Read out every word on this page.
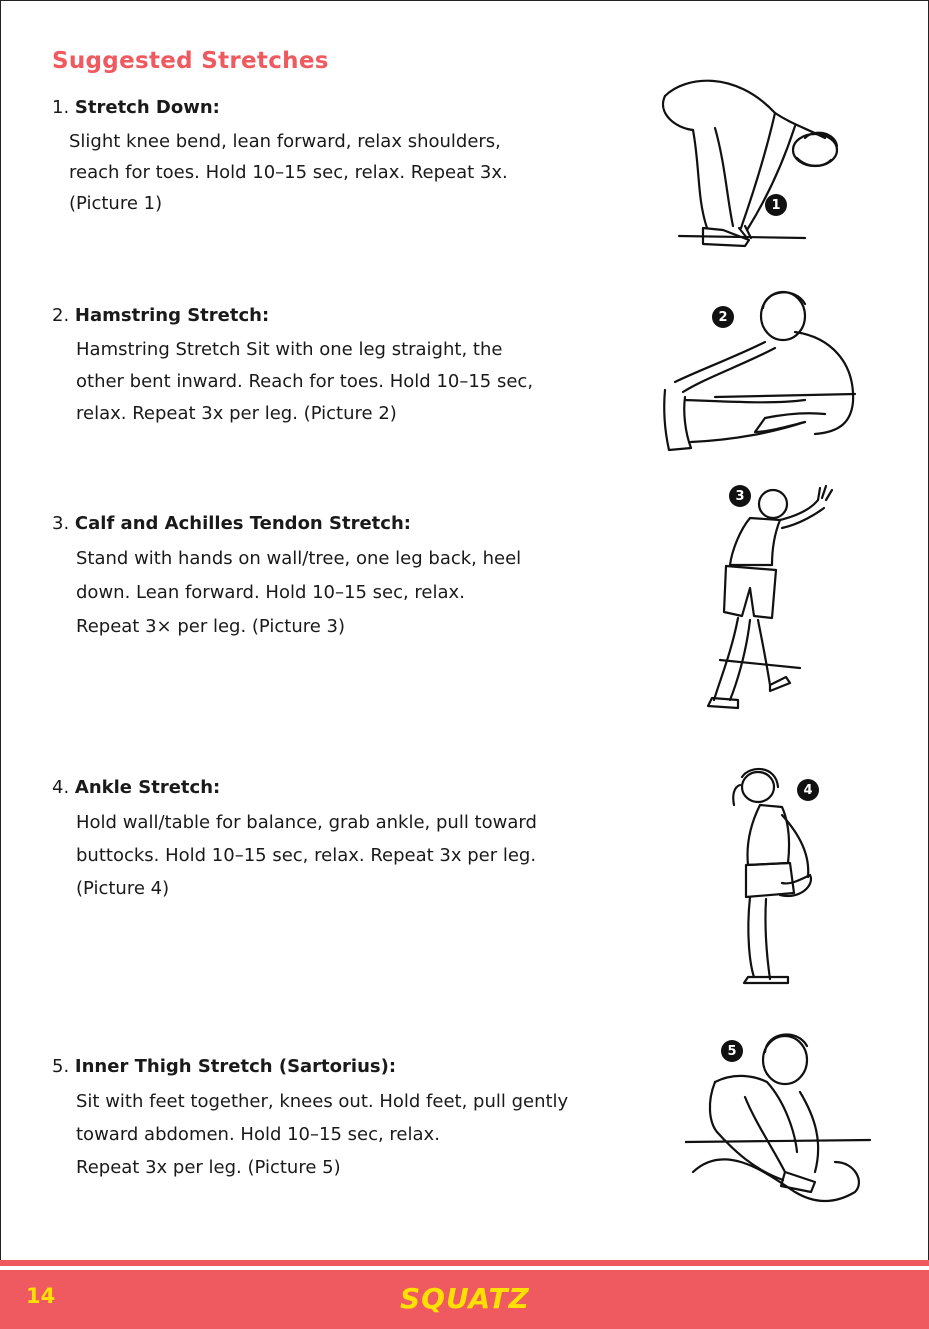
Suggested Stretches

1. Stretch Down:

Slight knee bend, lean forward, relax shoulders,
reach for toes. Hold 10–15 sec, relax. Repeat 3x.
(Picture 1)

2. Hamstring Stretch:

Hamstring Stretch Sit with one leg straight, the
other bent inward. Reach for toes. Hold 10–15 sec,
relax. Repeat 3x per leg. (Picture 2)

3. Calf and Achilles Tendon Stretch:

Stand with hands on wall/tree, one leg back, heel
down. Lean forward. Hold 10–15 sec, relax.
Repeat 3× per leg. (Picture 3)

4. Ankle Stretch:

Hold wall/table for balance, grab ankle, pull toward
buttocks. Hold 10–15 sec, relax. Repeat 3x per leg.
(Picture 4)

5. Inner Thigh Stretch (Sartorius):

Sit with feet together, knees out. Hold feet, pull gently
toward abdomen. Hold 10–15 sec, relax.
Repeat 3x per leg. (Picture 5)

1
2
3
4
5
14	SQUATZ
